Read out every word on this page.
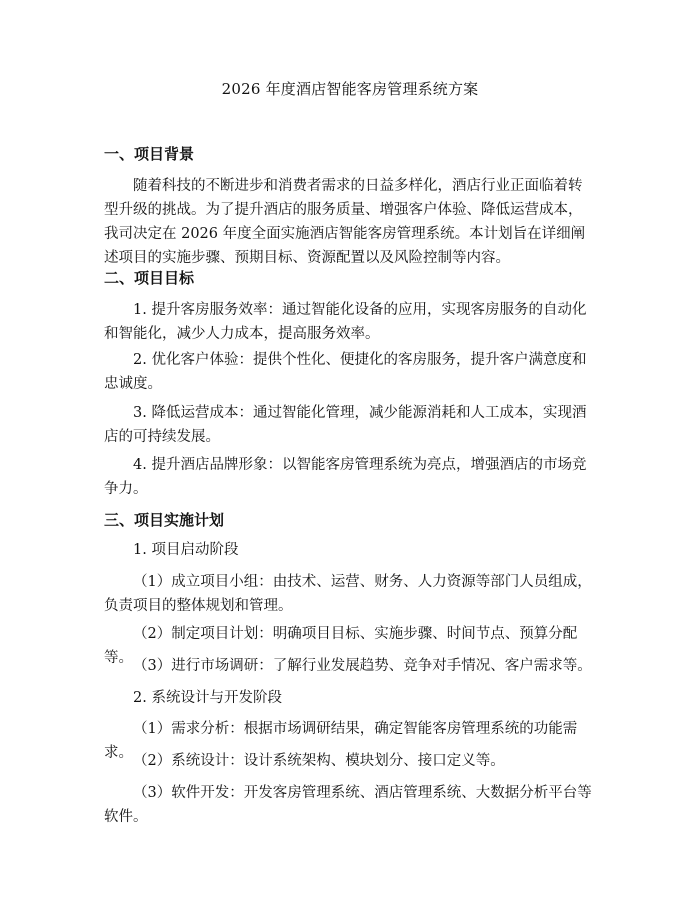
2026 年度酒店智能客房管理系统方案
一、项目背景
随着科技的不断进步和消费者需求的日益多样化，酒店行业正面临着转型升级的挑战。为了提升酒店的服务质量、增强客户体验、降低运营成本，我司决定在 2026 年度全面实施酒店智能客房管理系统。本计划旨在详细阐述项目的实施步骤、预期目标、资源配置以及风险控制等内容。
二、项目目标
1. 提升客房服务效率：通过智能化设备的应用，实现客房服务的自动化和智能化，减少人力成本，提高服务效率。
2. 优化客户体验：提供个性化、便捷化的客房服务，提升客户满意度和忠诚度。
3. 降低运营成本：通过智能化管理，减少能源消耗和人工成本，实现酒店的可持续发展。
4. 提升酒店品牌形象：以智能客房管理系统为亮点，增强酒店的市场竞争力。
三、项目实施计划
1. 项目启动阶段
（1）成立项目小组：由技术、运营、财务、人力资源等部门人员组成，负责项目的整体规划和管理。
（2）制定项目计划：明确项目目标、实施步骤、时间节点、预算分配等。 （3）进行市场调研：了解行业发展趋势、竞争对手情况、客户需求等。
2. 系统设计与开发阶段
（1）需求分析：根据市场调研结果，确定智能客房管理系统的功能需求。 （2）系统设计：设计系统架构、模块划分、接口定义等。
（3）软件开发：开发客房管理系统、酒店管理系统、大数据分析平台等软件。
